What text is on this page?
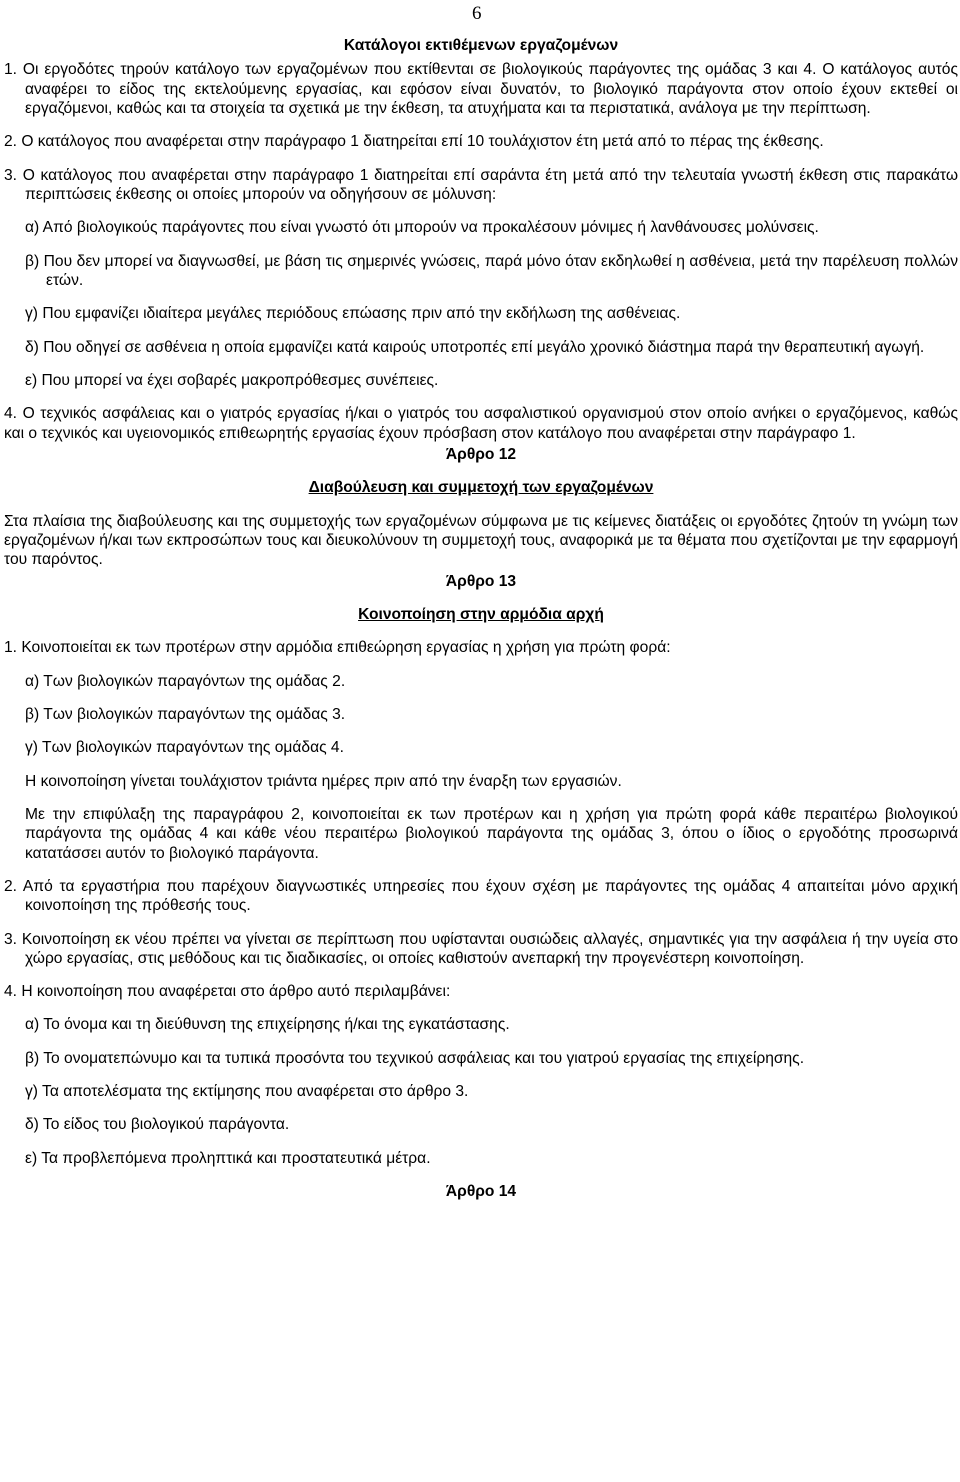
6
Κατάλογοι εκτιθέμενων εργαζομένων

1. Οι εργοδότες τηρούν κατάλογο των εργαζομένων που εκτίθενται σε βιολογικούς παράγοντες της ομάδας 3 και 4. Ο κατάλογος αυτός αναφέρει το είδος της εκτελούμενης εργασίας, και εφόσον είναι δυνατόν, το βιολογικό παράγοντα στον οποίο έχουν εκτεθεί οι εργαζόμενοι, καθώς και τα στοιχεία τα σχετικά με την έκθεση, τα ατυχήματα και τα περιστατικά, ανάλογα με την περίπτωση.

2. Ο κατάλογος που αναφέρεται στην παράγραφο 1 διατηρείται επί 10 τουλάχιστον έτη μετά από το πέρας της έκθεσης.

3. Ο κατάλογος που αναφέρεται στην παράγραφο 1 διατηρείται επί σαράντα έτη μετά από την τελευταία γνωστή έκθεση στις παρακάτω περιπτώσεις έκθεσης οι οποίες μπορούν να οδηγήσουν σε μόλυνση:

α) Από βιολογικούς παράγοντες που είναι γνωστό ότι μπορούν να προκαλέσουν μόνιμες ή λανθάνουσες μολύνσεις.

β) Που δεν μπορεί να διαγνωσθεί, με βάση τις σημερινές γνώσεις, παρά μόνο όταν εκδηλωθεί η ασθένεια, μετά την παρέλευση πολλών ετών.

γ) Που εμφανίζει ιδιαίτερα μεγάλες περιόδους επώασης πριν από την εκδήλωση της ασθένειας.

δ) Που οδηγεί σε ασθένεια η οποία εμφανίζει κατά καιρούς υποτροπές επί μεγάλο χρονικό διάστημα παρά την θεραπευτική αγωγή.

ε) Που μπορεί να έχει σοβαρές μακροπρόθεσμες συνέπειες.

4. Ο τεχνικός ασφάλειας και ο γιατρός εργασίας ή/και ο γιατρός του ασφαλιστικού οργανισμού στον οποίο ανήκει ο εργαζόμενος, καθώς και ο τεχνικός και υγειονομικός επιθεωρητής εργασίας έχουν πρόσβαση στον κατάλογο που αναφέρεται στην παράγραφο 1.

Άρθρο 12
Διαβούλευση και συμμετοχή των εργαζομένων

Στα πλαίσια της διαβούλευσης και της συμμετοχής των εργαζομένων σύμφωνα με τις κείμενες διατάξεις οι εργοδότες ζητούν τη γνώμη των εργαζομένων ή/και των εκπροσώπων τους και διευκολύνουν τη συμμετοχή τους, αναφορικά με τα θέματα που σχετίζονται με την εφαρμογή του παρόντος.

Άρθρο 13
Κοινοποίηση στην αρμόδια αρχή

1. Κοινοποιείται εκ των προτέρων στην αρμόδια επιθεώρηση εργασίας η χρήση για πρώτη φορά:

α) Των βιολογικών παραγόντων της ομάδας 2.

β) Των βιολογικών παραγόντων της ομάδας 3.

γ) Των βιολογικών παραγόντων της ομάδας 4.

Η κοινοποίηση γίνεται τουλάχιστον τριάντα ημέρες πριν από την έναρξη των εργασιών.

Με την επιφύλαξη της παραγράφου 2, κοινοποιείται εκ των προτέρων και η χρήση για πρώτη φορά κάθε περαιτέρω βιολογικού παράγοντα της ομάδας 4 και κάθε νέου περαιτέρω βιολογικού παράγοντα της ομάδας 3, όπου ο ίδιος ο εργοδότης προσωρινά κατατάσσει αυτόν το βιολογικό παράγοντα.

2. Από τα εργαστήρια που παρέχουν διαγνωστικές υπηρεσίες που έχουν σχέση με παράγοντες της ομάδας 4 απαιτείται μόνο αρχική κοινοποίηση της πρόθεσής τους.

3. Κοινοποίηση εκ νέου πρέπει να γίνεται σε περίπτωση που υφίστανται ουσιώδεις αλλαγές, σημαντικές για την ασφάλεια ή την υγεία στο χώρο εργασίας, στις μεθόδους και τις διαδικασίες, οι οποίες καθιστούν ανεπαρκή την προγενέστερη κοινοποίηση.

4. Η κοινοποίηση που αναφέρεται στο άρθρο αυτό περιλαμβάνει:

α) Το όνομα και τη διεύθυνση της επιχείρησης ή/και της εγκατάστασης.

β) Το ονοματεπώνυμο και τα τυπικά προσόντα του τεχνικού ασφάλειας και του γιατρού εργασίας της επιχείρησης.

γ) Τα αποτελέσματα της εκτίμησης που αναφέρεται στο άρθρο 3.

δ) Το είδος του βιολογικού παράγοντα.

ε) Τα προβλεπόμενα προληπτικά και προστατευτικά μέτρα.

Άρθρο 14
